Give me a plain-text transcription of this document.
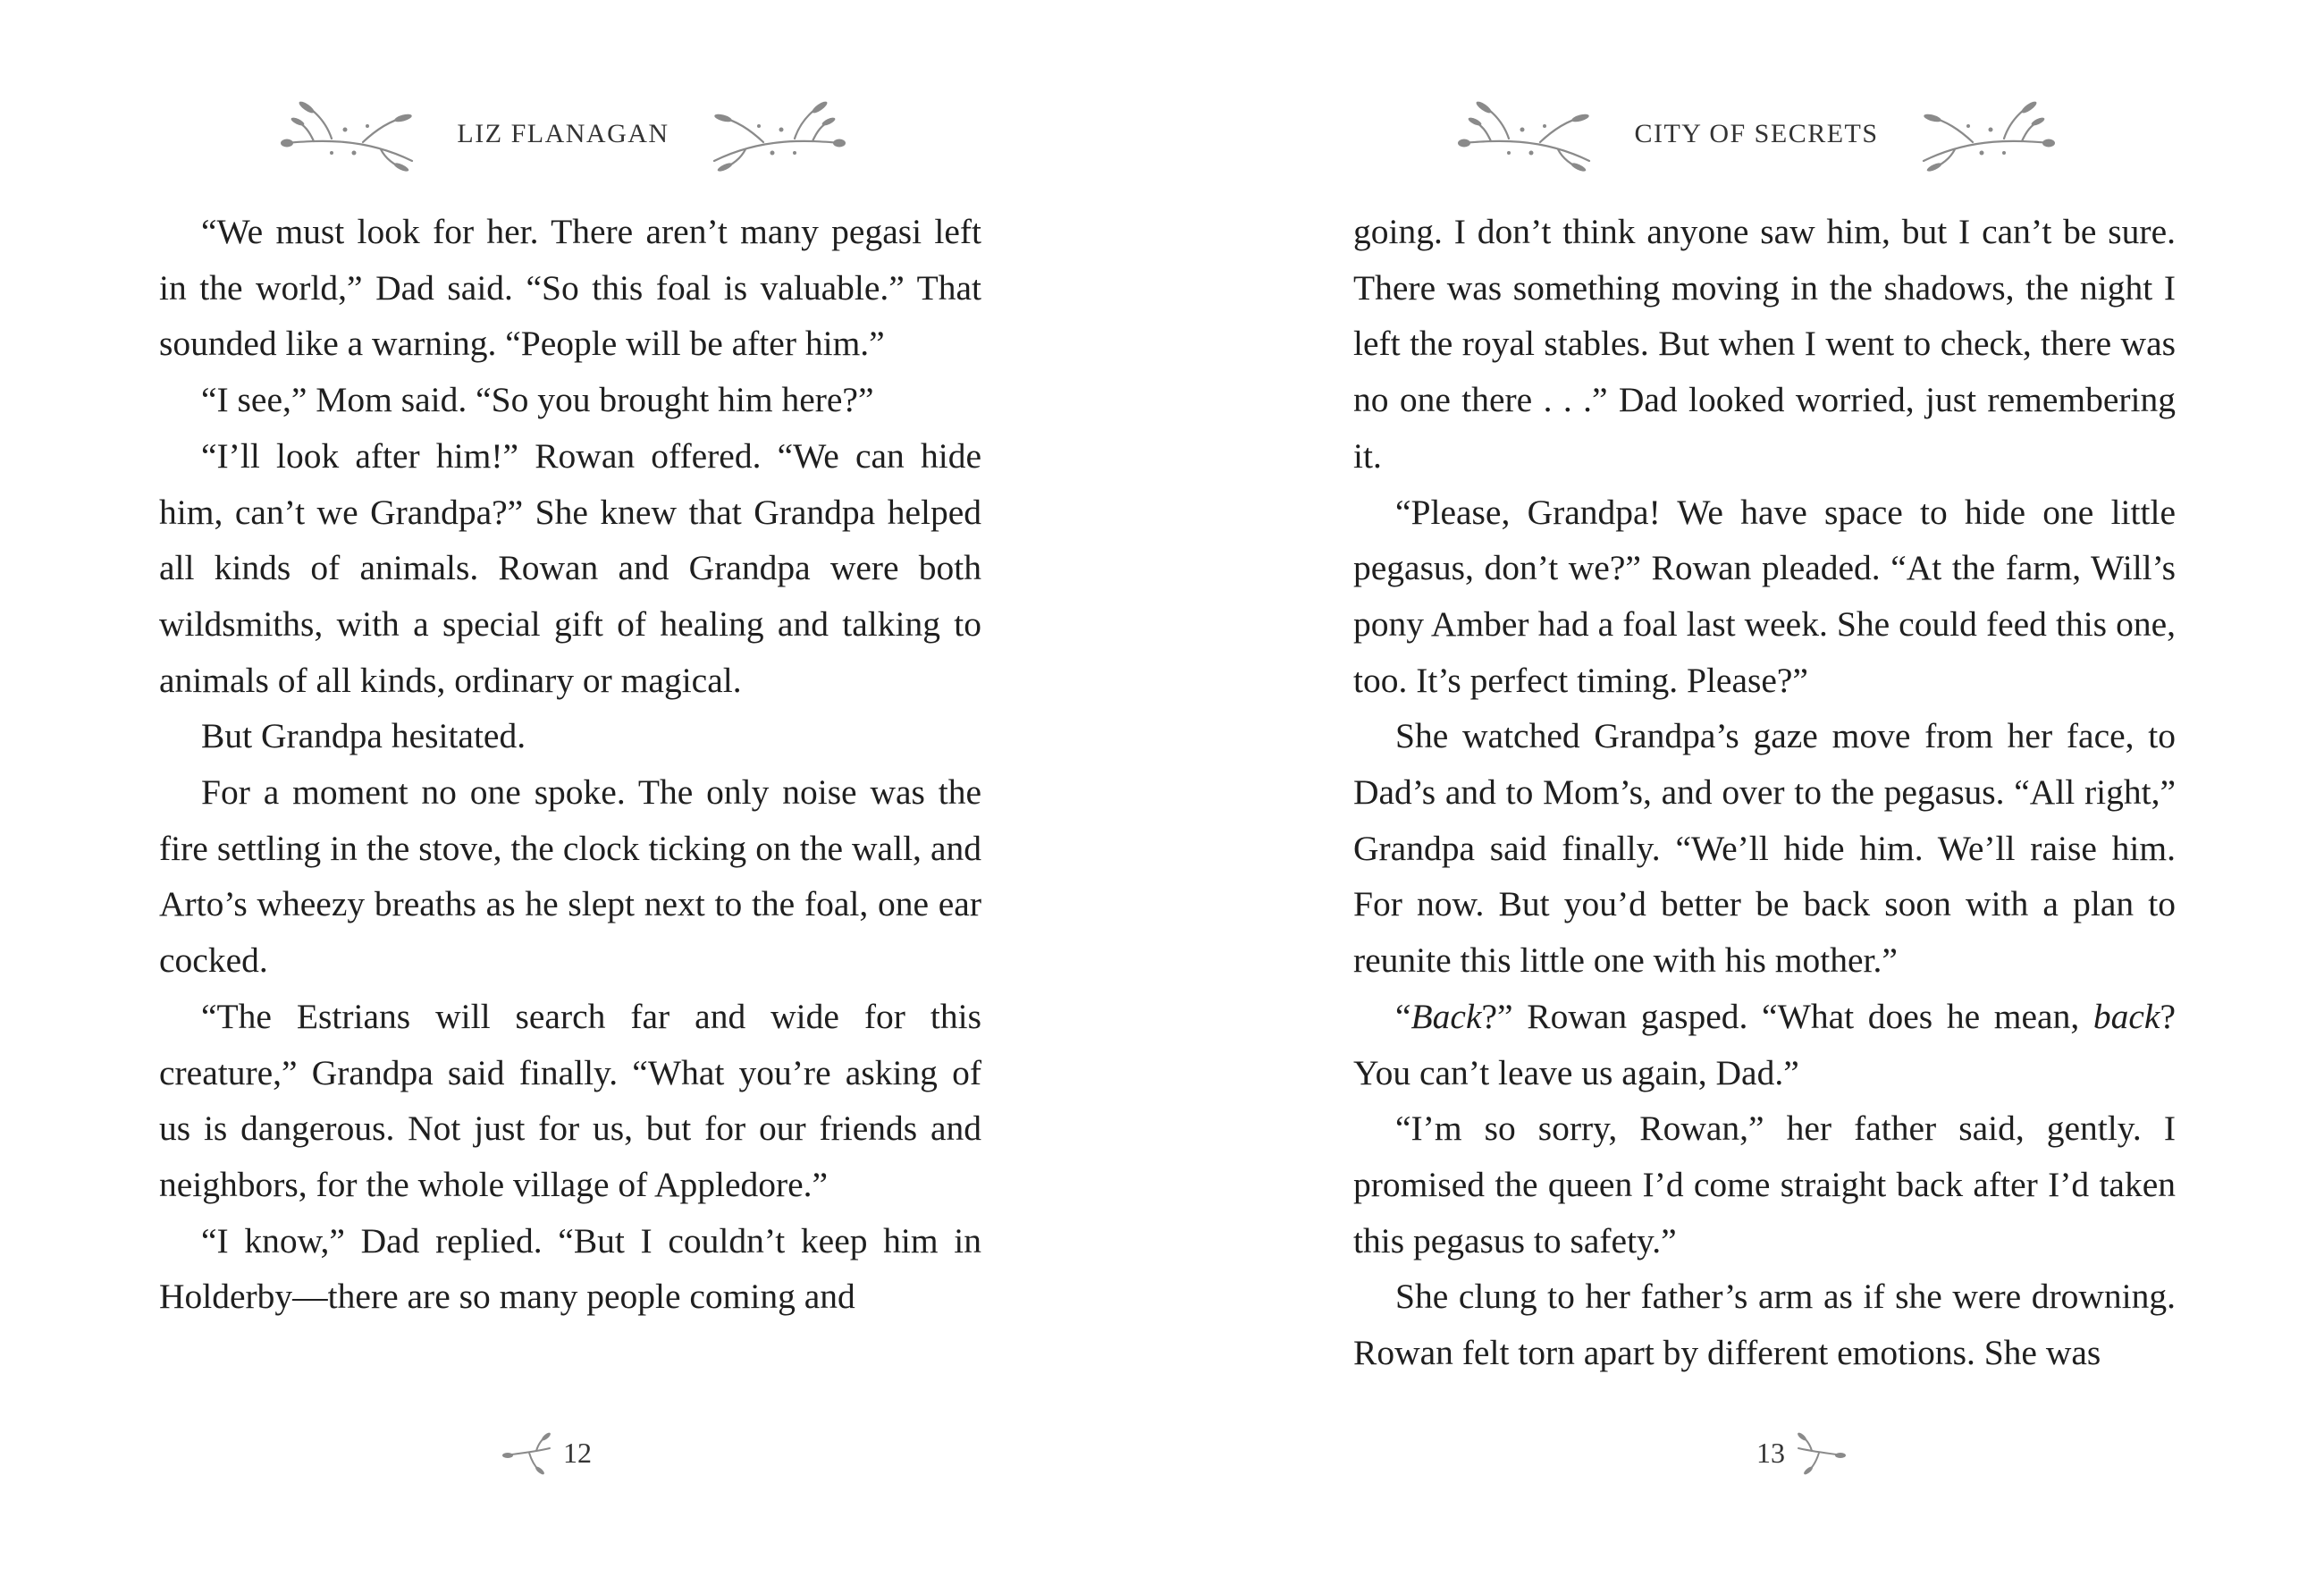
LIZ FLANAGAN

“We must look for her. There aren’t many pegasi left in the world,” Dad said. “So this foal is valuable.” That sounded like a warning. “People will be after him.”

“I see,” Mom said. “So you brought him here?”

“I’ll look after him!” Rowan offered. “We can hide him, can’t we Grandpa?” She knew that Grandpa helped all kinds of animals. Rowan and Grandpa were both wildsmiths, with a special gift of healing and talking to animals of all kinds, ordinary or magical.

But Grandpa hesitated.

For a moment no one spoke. The only noise was the fire settling in the stove, the clock ticking on the wall, and Arto’s wheezy breaths as he slept next to the foal, one ear cocked.

“The Estrians will search far and wide for this creature,” Grandpa said finally. “What you’re asking of us is dangerous. Not just for us, but for our friends and neighbors, for the whole village of Appledore.”

“I know,” Dad replied. “But I couldn’t keep him in Holderby—there are so many people coming and

12
CITY OF SECRETS

going. I don’t think anyone saw him, but I can’t be sure. There was something moving in the shadows, the night I left the royal stables. But when I went to check, there was no one there . . .” Dad looked worried, just remembering it.

“Please, Grandpa! We have space to hide one little pegasus, don’t we?” Rowan pleaded. “At the farm, Will’s pony Amber had a foal last week. She could feed this one, too. It’s perfect timing. Please?”

She watched Grandpa’s gaze move from her face, to Dad’s and to Mom’s, and over to the pegasus. “All right,” Grandpa said finally. “We’ll hide him. We’ll raise him. For now. But you’d better be back soon with a plan to reunite this little one with his mother.”

“Back?” Rowan gasped. “What does he mean, back? You can’t leave us again, Dad.”

“I’m so sorry, Rowan,” her father said, gently. I promised the queen I’d come straight back after I’d taken this pegasus to safety.”

She clung to her father’s arm as if she were drowning. Rowan felt torn apart by different emotions. She was

13
